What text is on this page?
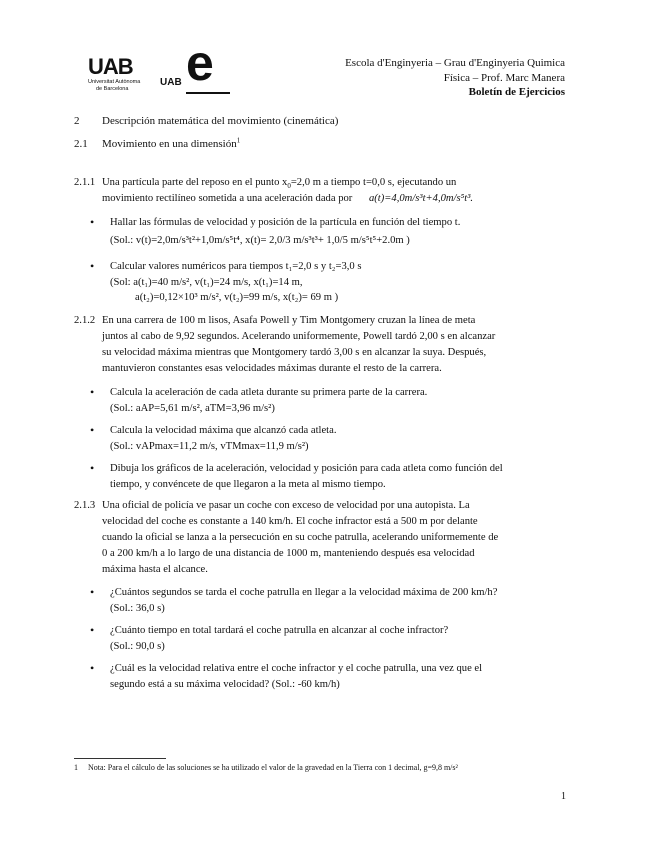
UAB
Universitat Autònoma
de Barcelona
UAB e	Escola d'Enginyeria – Grau d'Enginyeria Quimica
Física – Prof. Marc Manera
Boletín de Ejercicios
2 Descripción matemática del movimiento (cinemática)
2.1 Movimiento en una dimensión$^1$
2.1.1 Una partícula parte del reposo en el punto $x_0=2,0$ m a tiempo t=0,0 s, ejecutando un
movimiento rectilíneo sometida a una aceleración dada por a(t)=4,0m/s³t+4,0m/s⁵t³.
• Hallar las fórmulas de velocidad y posición de la partícula en función del tiempo t.
(Sol.: v(t)=2,0m/s³t²+1,0m/s⁵t⁴, x(t)= 2,0/3 m/s³t³+ 1,0/5 m/s⁵t⁵+2.0m )
• Calcular valores numéricos para tiempos t₁=2,0 s y t₂=3,0 s
(Sol: a(t₁)=40 m/s², v(t₁)=24 m/s, x(t₁)=14 m,
a(t₂)=0,12×10³ m/s², v(t₂)=99 m/s, x(t₂)= 69 m )
2.1.2 En una carrera de 100 m lisos, Asafa Powell y Tim Montgomery cruzan la línea de meta
juntos al cabo de 9,92 segundos. Acelerando uniformemente, Powell tardó 2,00 s en alcanzar
su velocidad máxima mientras que Montgomery tardó 3,00 s en alcanzar la suya. Después,
mantuvieron constantes esas velocidades máximas durante el resto de la carrera.
• Calcula la aceleración de cada atleta durante su primera parte de la carrera.
(Sol.: aAP=5,61 m/s², aTM=3,96 m/s²)
• Calcula la velocidad máxima que alcanzó cada atleta.
(Sol.: vAPmax=11,2 m/s, vTMmax=11,9 m/s²)
• Dibuja los gráficos de la aceleración, velocidad y posición para cada atleta como función del
tiempo, y convéncete de que llegaron a la meta al mismo tiempo.
2.1.3 Una oficial de policía ve pasar un coche con exceso de velocidad por una autopista. La
velocidad del coche es constante a 140 km/h. El coche infractor está a 500 m por delante
cuando la oficial se lanza a la persecución en su coche patrulla, acelerando uniformemente de
0 a 200 km/h a lo largo de una distancia de 1000 m, manteniendo después esa velocidad
máxima hasta el alcance.
• ¿Cuántos segundos se tarda el coche patrulla en llegar a la velocidad máxima de 200 km/h?
(Sol.: 36,0 s)
• ¿Cuánto tiempo en total tardará el coche patrulla en alcanzar al coche infractor?
(Sol.: 90,0 s)
• ¿Cuál es la velocidad relativa entre el coche infractor y el coche patrulla, una vez que el
segundo está a su máxima velocidad? (Sol.: -60 km/h)
1 Nota: Para el cálculo de las soluciones se ha utilizado el valor de la gravedad en la Tierra con 1 decimal, g=9,8 m/s²
1
